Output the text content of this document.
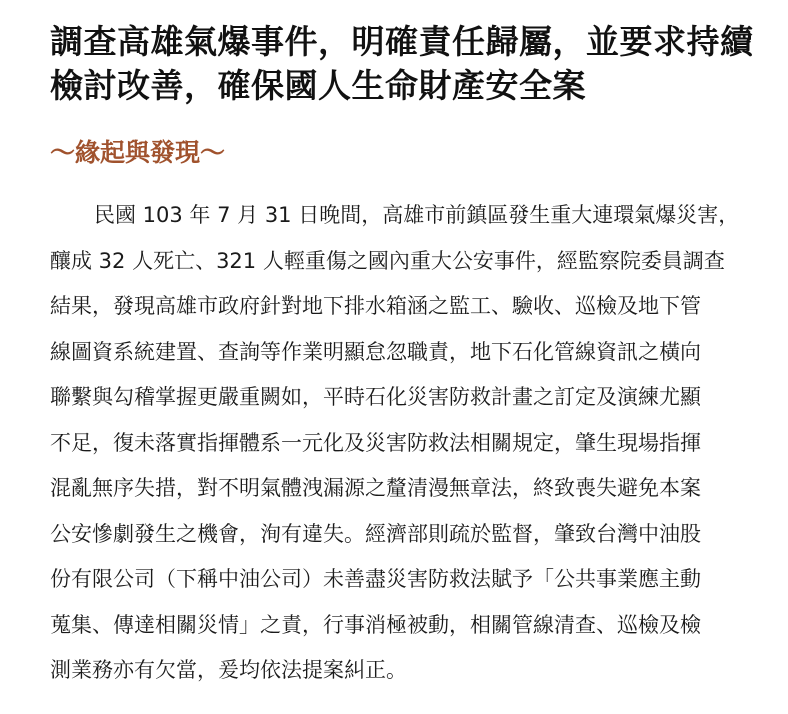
調查高雄氣爆事件，明確責任歸屬，並要求持續
檢討改善，確保國人生命財產安全案
～緣起與發現～
民國 103 年 7 月 31 日晚間，高雄市前鎮區發生重大連環氣爆災害，
釀成 32 人死亡、321 人輕重傷之國內重大公安事件，經監察院委員調查
結果，發現高雄市政府針對地下排水箱涵之監工、驗收、巡檢及地下管
線圖資系統建置、查詢等作業明顯怠忽職責，地下石化管線資訊之橫向
聯繫與勾稽掌握更嚴重闕如，平時石化災害防救計畫之訂定及演練尤顯
不足，復未落實指揮體系一元化及災害防救法相關規定，肇生現場指揮
混亂無序失措，對不明氣體洩漏源之釐清漫無章法，終致喪失避免本案
公安慘劇發生之機會，洵有違失。經濟部則疏於監督，肇致台灣中油股
份有限公司（下稱中油公司）未善盡災害防救法賦予「公共事業應主動
蒐集、傳達相關災情」之責，行事消極被動，相關管線清查、巡檢及檢
測業務亦有欠當，爰均依法提案糾正。
